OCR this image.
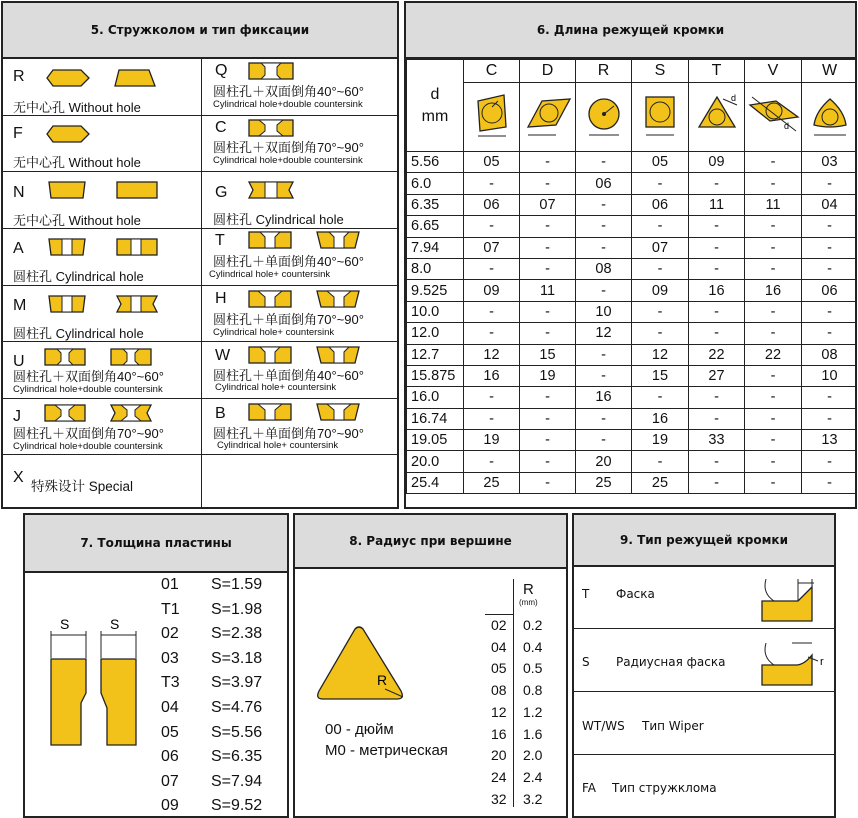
5. Стружколом и тип фиксации
R
无中心孔 Without hole
F
无中心孔 Without hole
N
无中心孔 Without hole
A
圆柱孔 Cylindrical hole
M
圆柱孔 Cylindrical hole
U
圆柱孔＋双面倒角40°~60°
Cylindrical hole+double countersink
J
圆柱孔＋双面倒角70°~90°
Cylindrical hole+double countersink
X
特殊设计 Special
Q
圆柱孔＋双面倒角40°~60°
Cylindrical hole+double countersink
C
圆柱孔＋双面倒角70°~90°
Cylindrical hole+double countersink
G
圆柱孔 Cylindrical hole
T
圆柱孔＋单面倒角40°~60°
Cylindrical hole+ countersink
H
圆柱孔＋单面倒角70°~90°
Cylindrical hole+ countersink
W
圆柱孔＋单面倒角40°~60°
Cylindrical hole+ countersink
B
圆柱孔＋单面倒角70°~90°
Cylindrical hole+ countersink
6. Длина режущей кромки
d
mm	C	D	R	S	T	V	W

d	d

5.56	05	-	-	05	09	-	03
6.0	-	-	06	-	-	-	-
6.35	06	07	-	06	11	11	04
6.65	-	-	-	-	-	-	-
7.94	07	-	-	07	-	-	-
8.0	-	-	08	-	-	-	-
9.525	09	11	-	09	16	16	06
10.0	-	-	10	-	-	-	-
12.0	-	-	12	-	-	-	-
12.7	12	15	-	12	22	22	08
15.875	16	19	-	15	27	-	10
16.0	-	-	16	-	-	-	-
16.74	-	-	-	16	-	-	-
19.05	19	-	-	19	33	-	13
20.0	-	-	20	-	-	-	-
25.4	25	-	25	25	-	-	-
7. Толщина пластины
S	S
01 S=1.59
T1 S=1.98
02 S=2.38
03 S=3.18
T3 S=3.97
04 S=4.76
05 S=5.56
06 S=6.35
07 S=7.94
09 S=9.52
8. Радиус при вершине
R
00 - дюйм
M0 - метрическая
R
(mm)
02 0.2
04 0.4
05 0.5
08 0.8
12 1.2
16 1.6
20 2.0
24 2.4
32 3.2
9. Тип режущей кромки
T Фаска
S Радиусная фаска	r
WT/WS Тип Wiper
FA Тип стружклома
